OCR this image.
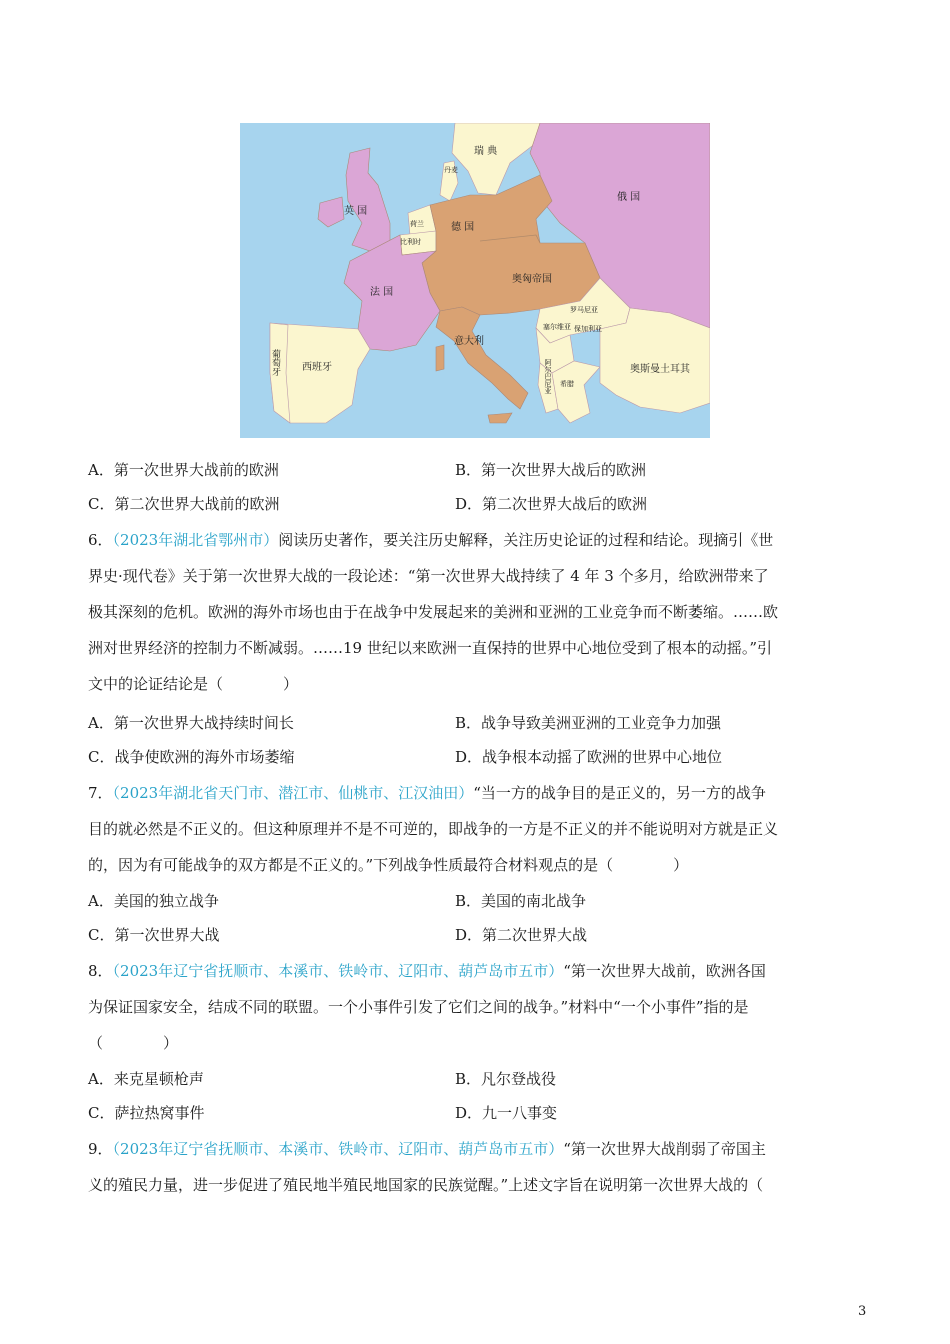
瑞 典
丹麦
俄 国
英 国
荷兰	德 国
比利时
奥匈帝国
法 国
罗马尼亚
塞尔维亚 保加利亚
意大利
葡萄牙 西班牙	阿尔巴尼亚 希腊
奥斯曼土耳其
A．第一次世界大战前的欧洲	B．第一次世界大战后的欧洲
C．第二次世界大战前的欧洲	D．第二次世界大战后的欧洲
6．（2023年湖北省鄂州市）阅读历史著作，要关注历史解释，关注历史论证的过程和结论。现摘引《世
界史·现代卷》关于第一次世界大战的一段论述：“第一次世界大战持续了 4 年 3 个多月，给欧洲带来了
极其深刻的危机。欧洲的海外市场也由于在战争中发展起来的美洲和亚洲的工业竞争而不断萎缩。……欧
洲对世界经济的控制力不断减弱。……19 世纪以来欧洲一直保持的世界中心地位受到了根本的动摇。”引
文中的论证结论是（　　　　）
A．第一次世界大战持续时间长	B．战争导致美洲亚洲的工业竞争力加强
C．战争使欧洲的海外市场萎缩	D．战争根本动摇了欧洲的世界中心地位
7．（2023年湖北省天门市、潜江市、仙桃市、江汉油田）“当一方的战争目的是正义的，另一方的战争
目的就必然是不正义的。但这种原理并不是不可逆的，即战争的一方是不正义的并不能说明对方就是正义
的，因为有可能战争的双方都是不正义的。”下列战争性质最符合材料观点的是（　　　　）
A．美国的独立战争	B．美国的南北战争
C．第一次世界大战	D．第二次世界大战
8．（2023年辽宁省抚顺市、本溪市、铁岭市、辽阳市、葫芦岛市五市）“第一次世界大战前，欧洲各国
为保证国家安全，结成不同的联盟。一个小事件引发了它们之间的战争。”材料中“一个小事件”指的是
（　　　　）
A．来克星顿枪声	B．凡尔登战役
C．萨拉热窝事件	D．九一八事变
9．（2023年辽宁省抚顺市、本溪市、铁岭市、辽阳市、葫芦岛市五市）“第一次世界大战削弱了帝国主
义的殖民力量，进一步促进了殖民地半殖民地国家的民族觉醒。”上述文字旨在说明第一次世界大战的（
3
